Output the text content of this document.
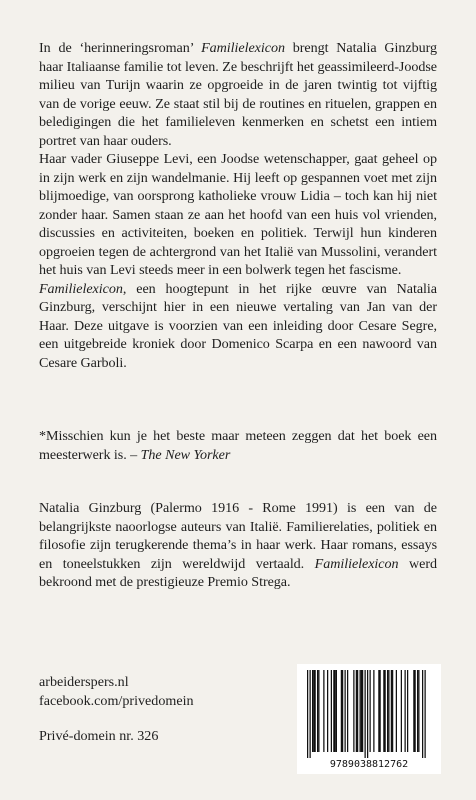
In de ‘herinneringsroman’ Familielexicon brengt Natalia Ginzburg haar Italiaanse familie tot leven. Ze beschrijft het geassimileerd-Joodse milieu van Turijn waarin ze opgroeide in de jaren twintig tot vijftig van de vorige eeuw. Ze staat stil bij de routines en rituelen, grappen en beledigingen die het familieleven kenmerken en schetst een intiem portret van haar ouders.

Haar vader Giuseppe Levi, een Joodse wetenschapper, gaat geheel op in zijn werk en zijn wandelmanie. Hij leeft op gespannen voet met zijn blijmoedige, van oorsprong katholieke vrouw Lidia – toch kan hij niet zonder haar. Samen staan ze aan het hoofd van een huis vol vrienden, discussies en activiteiten, boeken en politiek. Terwijl hun kinderen opgroeien tegen de achtergrond van het Italië van Mussolini, verandert het huis van Levi steeds meer in een bolwerk tegen het fascisme.

Familielexicon, een hoogtepunt in het rijke œuvre van Natalia Ginzburg, verschijnt hier in een nieuwe vertaling van Jan van der Haar. Deze uitgave is voorzien van een inleiding door Cesare Segre, een uitgebreide kroniek door Domenico Scarpa en een nawoord van Cesare Garboli.

*Misschien kun je het beste maar meteen zeggen dat het boek een meesterwerk is. – The New Yorker

Natalia Ginzburg (Palermo 1916 - Rome 1991) is een van de belangrijkste naoorlogse auteurs van Italië. Familierelaties, politiek en filosofie zijn terugkerende thema’s in haar werk. Haar romans, essays en toneelstukken zijn wereldwijd vertaald. Familielexicon werd bekroond met de prestigieuze Premio Strega.

arbeiderspers.nl
facebook.com/privedomein
Privé-domein nr. 326
9789038812762
